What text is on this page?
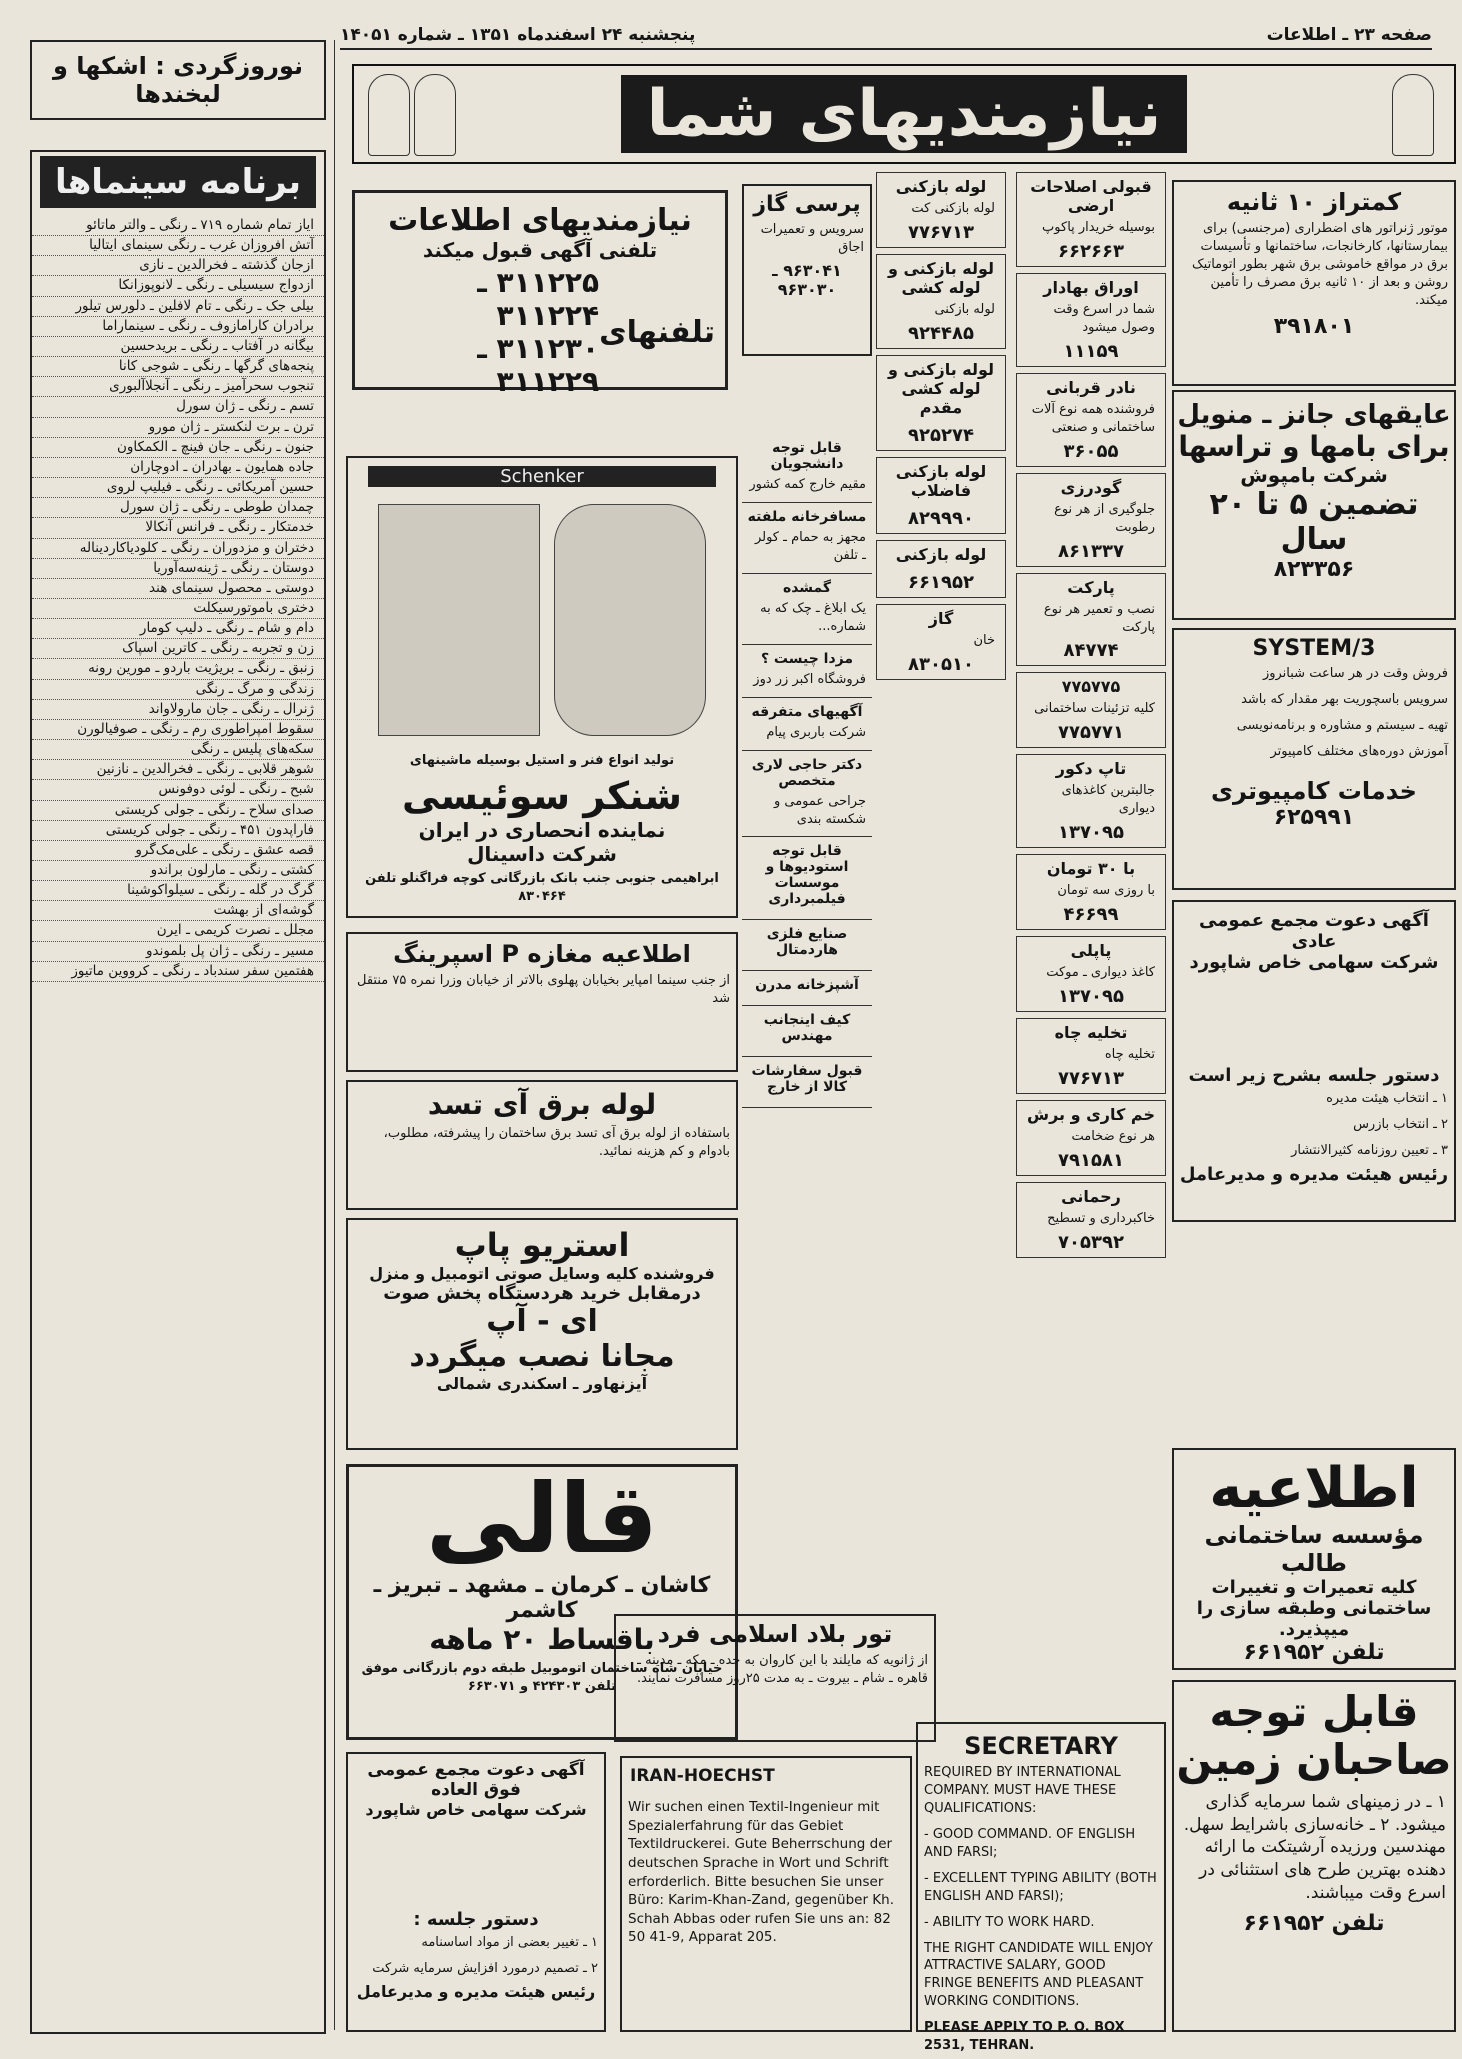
صفحه ۲۳ ـ اطلاعات
پنجشنبه ۲۴ اسفندماه ۱۳۵۱ ـ شماره ۱۴۰۵۱
نوروزگردی : اشکها و لبخندها
برنامه سینماها
ایاز تمام شماره ۷۱۹ ـ رنگی ـ والتر ماتائو
آتش افروزان غرب ـ رنگی سینمای ایتالیا
ازجان گذشته ـ فخرالدین ـ نازی
ازدواج سیسیلی ـ رنگی ـ لانوپوزانکا
بیلی جک ـ رنگی ـ تام لافلین ـ دلورس تیلور
برادران کارامازوف ـ رنگی ـ سینماراما
بیگانه در آفتاب ـ رنگی ـ بریدحسین
پنجه‌های گرگها ـ رنگی ـ شوجی کانا
تنجوب سحرآمیز ـ رنگی ـ آنجلاآلبوری
تسم ـ رنگی ـ ژان سورل
ترن ـ برت لنکستر ـ ژان مورو
جنون ـ رنگی ـ جان فینچ ـ الکمکاون
جاده همایون ـ بهادران ـ ادوچاران
حسین آمریکائی ـ رنگی ـ فیلیپ لروی
چمدان طوطی ـ رنگی ـ ژان سورل
خدمتکار ـ رنگی ـ فرانس آنکالا
دختران و مزدوران ـ رنگی ـ کلودیاکاردیناله
دوستان ـ رنگی ـ ژینه‌سه‌آوریا
دوستی ـ محصول سینمای هند
دختری باموتورسیکلت
دام و شام ـ رنگی ـ دلیپ کومار
زن و تجربه ـ رنگی ـ کاترین اسپاک
زنبق ـ رنگی ـ بریژیت باردو ـ مورین رونه
زندگی و مرگ ـ رنگی
ژنرال ـ رنگی ـ جان مارولاواند
سقوط امپراطوری رم ـ رنگی ـ صوفیالورن
سکه‌های پلیس ـ رنگی
شوهر قلابی ـ رنگی ـ فخرالدین ـ نازنین
شبح ـ رنگی ـ لوئی دوفونس
صدای سلاح ـ رنگی ـ جولی کریستی
فاراپدون ۴۵۱ ـ رنگی ـ جولی کریستی
قصه عشق ـ رنگی ـ علی‌مک‌گرو
کشتی ـ رنگی ـ مارلون براندو
گرگ در گله ـ رنگی ـ سیلواکوشینا
گوشه‌ای از بهشت
مجلل ـ نصرت کریمی ـ ایرن
مسیر ـ رنگی ـ ژان پل بلموندو
هفتمین سفر سندباد ـ رنگی ـ کرووین ماتیوز
نیازمندیهای شما
نیازمندیهای اطلاعات
تلفنی آگهی قبول میکند
تلفنهای
۳۱۱۲۲۵ ـ ۳۱۱۲۲۴
۳۱۱۲۳۰ ـ ۳۱۱۲۲۹
پرسی گاز
سرویس و تعمیرات اجاق
۹۶۳۰۴۱ ـ ۹۶۳۰۳۰
لوله بازکنی
لوله بازکنی کت
۷۷۶۷۱۳
لوله بازکنی و لوله کشی
لوله بازکنی
۹۲۴۴۸۵
لوله بازکنی و لوله کشی مقدم
۹۲۵۲۷۴
لوله بازکنی فاضلاب
۸۲۹۹۹۰
لوله بازکنی
۶۶۱۹۵۲
گاز
خان
۸۳۰۵۱۰
قبولی اصلاحات ارضی
بوسیله خریدار پاکوپ
۶۶۲۶۶۳
اوراق بهادار
شما در اسرع وقت وصول میشود
۱۱۱۵۹
نادر قربانی
فروشنده همه نوع آلات ساختمانی و صنعتی
۳۶۰۵۵
گودرزی
جلوگیری از هر نوع رطوبت
۸۶۱۳۳۷
پارکت
نصب و تعمیر هر نوع پارکت
۸۴۷۷۴
۷۷۵۷۷۵
کلیه تزئینات ساختمانی
۷۷۵۷۷۱
تاپ دکور
جالبترین کاغذهای دیواری
۱۳۷۰۹۵
با ۳۰ تومان
با روزی سه تومان
۴۶۶۹۹
پاپلی
کاغذ دیواری ـ موکت
۱۳۷۰۹۵
تخلیه چاه
تخلیه چاه
۷۷۶۷۱۳
خم کاری و برش
هر نوع ضخامت
۷۹۱۵۸۱
رحمانی
خاکبرداری و تسطیح
۷۰۵۳۹۲
Schenker
تولید انواع فنر و استیل بوسیله ماشینهای
شنکر سوئیسی
نماینده انحصاری در ایران
شرکت داسینال
ابراهیمی جنوبی جنب بانک بازرگانی کوچه فراگنلو تلفن ۸۳۰۴۶۴
اطلاعیه مغازه P اسپرینگ
از جنب سینما امپایر بخیابان پهلوی بالاتر از خیابان وزرا نمره ۷۵ منتقل شد
لوله برق آی تسد
باستفاده از لوله برق آی تسد برق ساختمان را پیشرفته، مطلوب، بادوام و کم هزینه نمائید.
استریو پاپ
فروشنده کلیه وسایل صوتی اتومبیل و منزل
درمقابل خرید هردستگاه پخش صوت
ای - آپ
مجانا نصب میگردد
آیزنهاور ـ اسکندری شمالی
قالی
کاشان ـ کرمان ـ مشهد ـ تبریز ـ کاشمر
باقساط ۲۰ ماهه
خیابان شاه ساختمان اتوموبیل طبقه دوم بازرگانی موفق تلفن ۴۲۴۳۰۳ و ۶۶۳۰۷۱
آگهی دعوت مجمع عمومی فوق العاده
شرکت سهامی خاص شاپورد
دستور جلسه :
۱ ـ تغییر بعضی از مواد اساسنامه
۲ ـ تصمیم درمورد افزایش سرمایه شرکت
رئیس هیئت مدیره و مدیرعامل
تور بلاد اسلامی فرد
از ژانویه که مایلند با این کاروان به جده ـ مکه ـ مدینه ـ قاهره ـ شام ـ بیروت ـ به مدت ۲۵روز مسافرت نمایند.
IRAN-HOECHST
Wir suchen einen Textil-Ingenieur mit Spezialerfahrung für das Gebiet Textildruckerei. Gute Beherrschung der deutschen Sprache in Wort und Schrift erforderlich. Bitte besuchen Sie unser Büro: Karim-Khan-Zand, gegenüber Kh. Schah Abbas oder rufen Sie uns an: 82 50 41-9, Apparat 205.
SECRETARY
REQUIRED BY INTERNATIONAL COMPANY. MUST HAVE THESE QUALIFICATIONS:
- GOOD COMMAND. OF ENGLISH AND FARSI;
- EXCELLENT TYPING ABILITY (BOTH ENGLISH AND FARSI);
- ABILITY TO WORK HARD.
THE RIGHT CANDIDATE WILL ENJOY ATTRACTIVE SALARY, GOOD FRINGE BENEFITS AND PLEASANT WORKING CONDITIONS.
PLEASE APPLY TO P. O. BOX 2531, TEHRAN.
کمتراز ۱۰ ثانیه
موتور ژنراتور های اضطراری (مرجنسی) برای بیمارستانها، کارخانجات، ساختمانها و تأسیسات برق در مواقع خاموشی برق شهر بطور اتوماتیک روشن و بعد از ۱۰ ثانیه برق مصرف را تأمین میکند.
۳۹۱۸۰۱
عایقهای جانز ـ منویل
برای بامها و تراسها
شرکت بامپوش
تضمین ۵ تا ۲۰ سال
۸۲۳۳۵۶
SYSTEM/3
فروش وقت در هر ساعت شبانروز
سرویس باسچوریت بهر مقدار که باشد
تهیه ـ سیستم و مشاوره و برنامه‌نویسی
آموزش دوره‌های مختلف کامپیوتر
خدمات کامپیوتری
۶۲۵۹۹۱
آگهی دعوت مجمع عمومی عادی
شرکت سهامی خاص شاپورد
دستور جلسه بشرح زیر است
۱ ـ انتخاب هیئت مدیره
۲ ـ انتخاب بازرس
۳ ـ تعیین روزنامه کثیرالانتشار
رئیس هیئت مدیره و مدیرعامل
اطلاعیه
مؤسسه ساختمانی طالب
کلیه تعمیرات و تغییرات ساختمانی وطبقه سازی را میپذیرد.
تلفن ۶۶۱۹۵۲
قابل توجه صاحبان زمین
۱ ـ در زمینهای شما سرمایه گذاری میشود. ۲ ـ خانه‌سازی باشرایط سهل. مهندسین ورزیده آرشیتکت ما ارائه دهنده بهترین طرح های استثنائی در اسرع وقت میباشند.
تلفن ۶۶۱۹۵۲
قابل توجه دانشجویان
مقیم خارج کمه کشور
مسافرخانه ملفته
مجهز به حمام ـ کولر ـ تلفن
گمشده
یک ابلاغ ـ چک که به شماره...
مزدا چیست ؟
فروشگاه اکبر زر دوز
آگهیهای متفرقه
شرکت باربری پیام
دکتر حاجی لاری متخصص
جراحی عمومی و شکسته بندی
قابل توجه استودیو‌ها و موسسات فیلمبرداری
صنایع فلزی هاردمتال
آشپزخانه مدرن
کیف اینجانب مهندس
قبول سفارشات کالا از خارج
